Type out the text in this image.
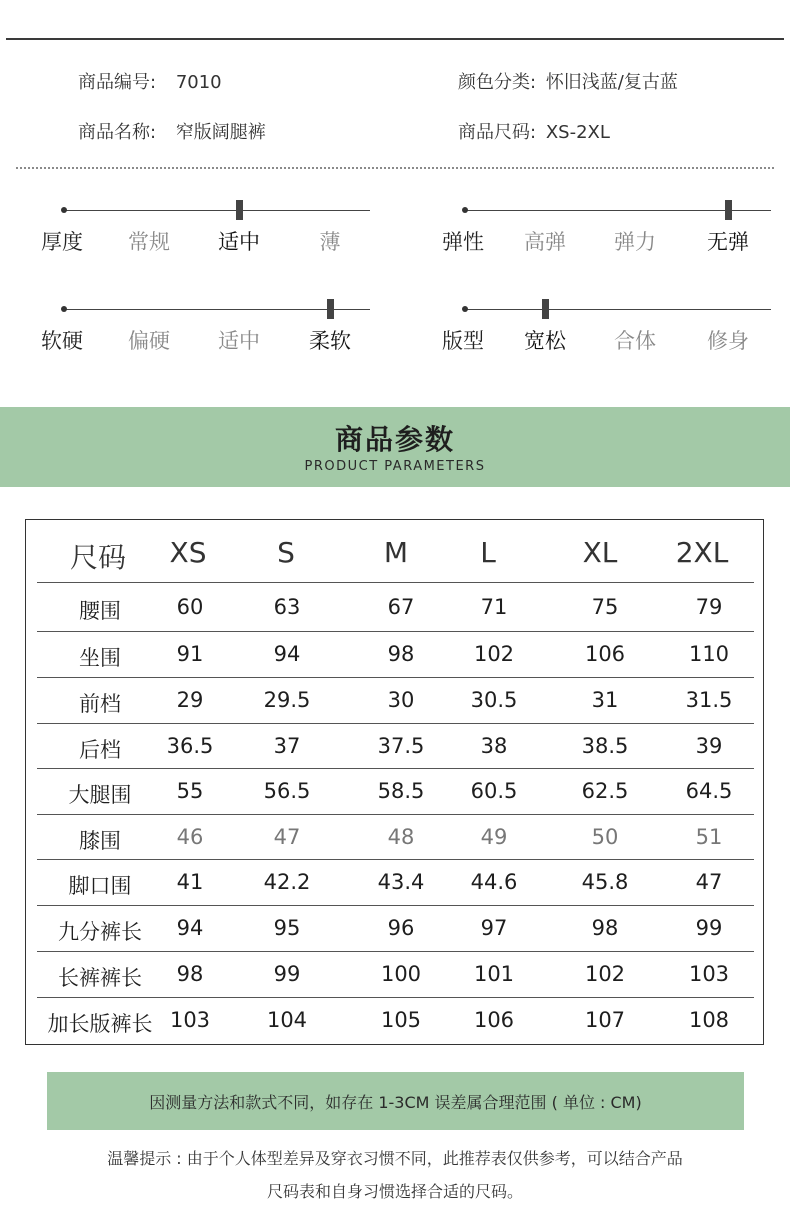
商品编号: 7010	颜色分类: 怀旧浅蓝/复古蓝
商品名称: 窄版阔腿裤	商品尺码: XS-2XL
厚度 常规 适中	薄	弹性 高弹 弹力 无弹
软硬 偏硬 适中 柔软	版型 宽松 合体 修身
商品参数
PRODUCT PARAMETERS
尺码 XS	S	M	L	XL 2XL
腰围	60	63	67	71	75	79
坐围	91	94	98	102	106	110
前档	29	29.5	30	30.5	31	31.5
后档 36.5	37	37.5	38	38.5	39
大腿围 55	56.5	58.5 60.5	62.5	64.5
膝围	46	47	48	49	50	51
脚口围 41	42.2	43.4 44.6	45.8	47
九分裤长 94	95	96	97	98	99
长裤裤长 98	99	100	101	102	103
加长版裤长 103	104	105	106	107	108
因测量方法和款式不同，如存在 1-3CM 误差属合理范围 ( 单位 : CM)
温馨提示 : 由于个人体型差异及穿衣习惯不同，此推荐表仅供参考，可以结合产品
尺码表和自身习惯选择合适的尺码。
